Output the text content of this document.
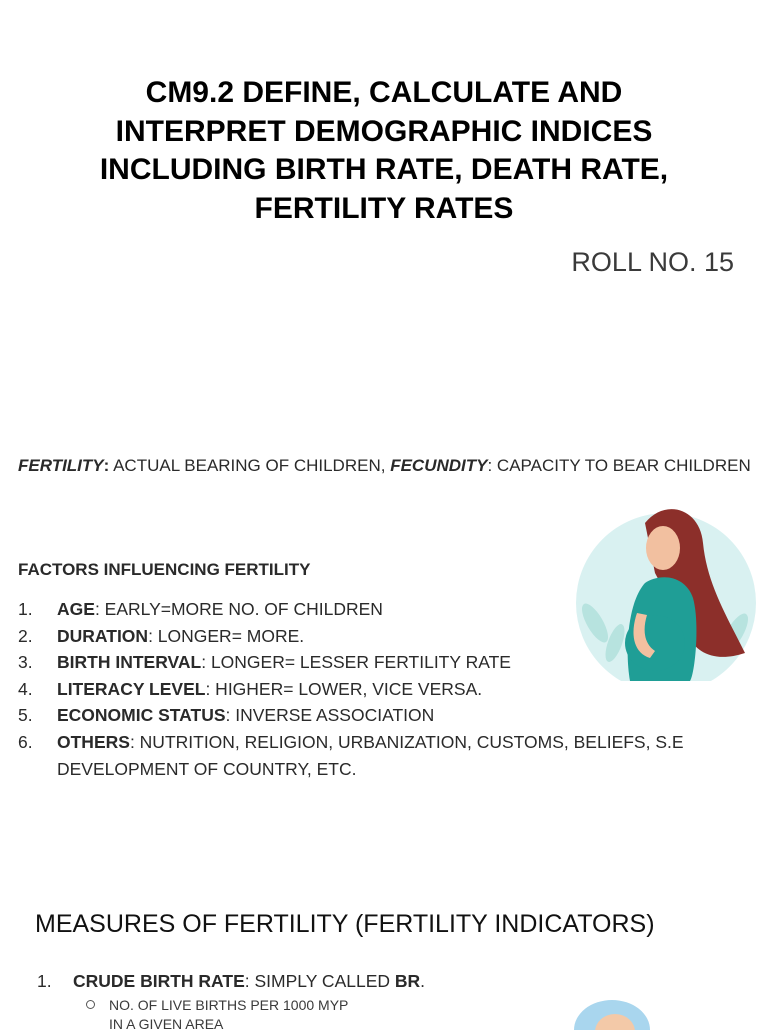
CM9.2 DEFINE, CALCULATE AND
INTERPRET DEMOGRAPHIC INDICES
INCLUDING BIRTH RATE, DEATH RATE,
FERTILITY RATES
ROLL NO. 15
FERTILITY: ACTUAL BEARING OF CHILDREN, FECUNDITY: CAPACITY TO BEAR CHILDREN
FACTORS INFLUENCING FERTILITY
1. AGE: EARLY=MORE NO. OF CHILDREN
2. DURATION: LONGER= MORE.
3. BIRTH INTERVAL: LONGER= LESSER FERTILITY RATE
4. LITERACY LEVEL: HIGHER= LOWER, VICE VERSA.
5. ECONOMIC STATUS: INVERSE ASSOCIATION
6. OTHERS: NUTRITION, RELIGION, URBANIZATION, CUSTOMS, BELIEFS, S.E DEVELOPMENT OF COUNTRY, ETC.
MEASURES OF FERTILITY (FERTILITY INDICATORS)
1. CRUDE BIRTH RATE: SIMPLY CALLED BR.
NO. OF LIVE BIRTHS PER 1000 MYP
IN A GIVEN AREA
